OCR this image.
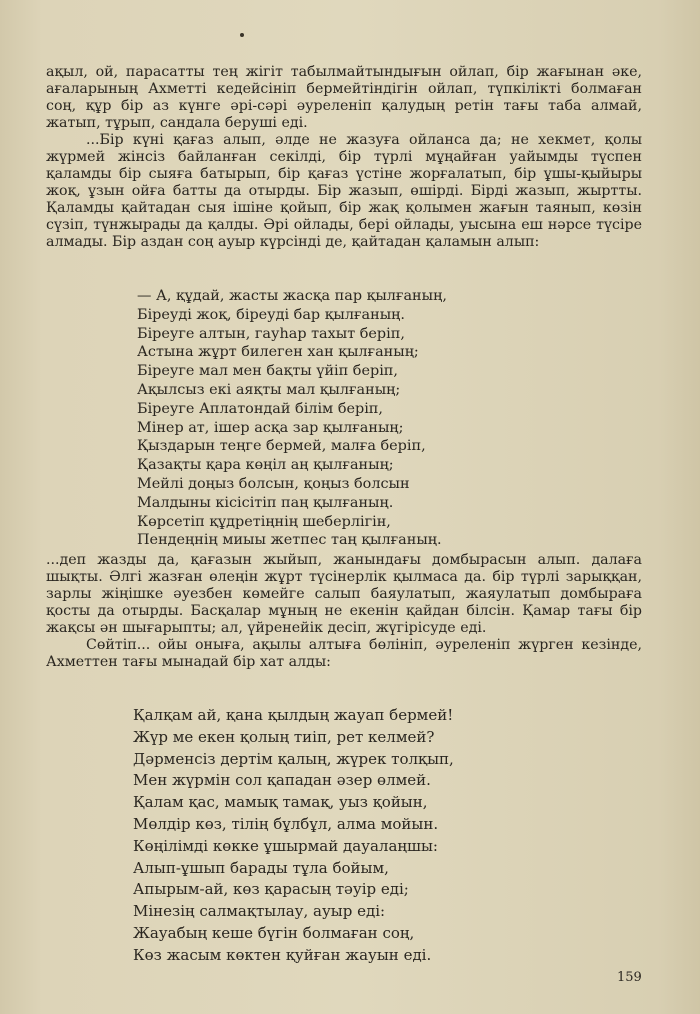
ақыл, ой, парасатты тең жігіт табылмайтындығын ойлап, бір жағынан әке, ағаларының Ахметті кедейсініп бермейтіндігін ойлап, түпкілікті болмаған соң, құр бір аз күнге әрі-сәрі әуреленіп қалудың ретін тағы таба алмай, жатып, тұрып, сандала беруші еді.

...Бір күні қағаз алып, әлде не жазуға ойланса да; не хекмет, қолы жүрмей жінсіз байланған секілді, бір түрлі мұңайған уайымды түспен қаламды бір сыяға батырып, бір қағаз үстіне жорғалатып, бір ұшы-қыйыры жоқ, ұзын ойға батты да отырды. Бір жазып, өшірді. Бірді жазып, жыртты. Қаламды қайтадан сыя ішіне қойып, бір жақ қолымен жағын таянып, көзін сүзіп, түнжырады да қалды. Әрі ойлады, бері ойлады, уысына еш нәрсе түсіре алмады. Бір аздан соң ауыр күрсінді де, қайтадан қаламын алып:

— А, құдай, жасты жасқа пар қылғаның,
Біреуді жоқ, біреуді бар қылғаның.
Біреуге алтын, гауһар тахыт беріп,
Астына жұрт билеген хан қылғаның;
Біреуге мал мен бақты үйіп беріп,
Ақылсыз екі аяқты мал қылғаның;
Біреуге Аплатондай білім беріп,
Мінер ат, ішер асқа зар қылғаның;
Қыздарын теңге бермей, малға беріп,
Қазақты қара көңіл аң қылғаның;
Мейлі доңыз болсын, қоңыз болсын
Малдыны кісісітіп паң қылғаның.
Көрсетіп құдретіңнің шеберлігін,
Пендеңнің миыы жетпес таң қылғаның.

...деп жазды да, қағазын жыйып, жанындағы домбырасын алып. далаға шықты. Әлгі жазған өлеңін жұрт түсінерлік қылмаса да. бір түрлі зарыққан, зарлы жіңішке әуезбен көмейге салып баяулатып, жаяулатып домбыраға қосты да отырды. Басқалар мұның не екенін қайдан білсін. Қамар тағы бір жақсы ән шығарыпты; ал, үйренейік десіп, жүгірісуде еді.

Сөйтіп... ойы оныға, ақылы алтыға бөлініп, әуреленіп жүрген кезінде, Ахметтен тағы мынадай бір хат алды:

Қалқам ай, қана қылдың жауап бермей!
Жүр ме екен қолың тиіп, рет келмей?
Дәрменсіз дертім қалың, жүрек толқып,
Мен жүрмін сол қападан әзер өлмей.
Қалам қас, мамық тамақ, уыз қойын,
Мөлдір көз, тілің бұлбұл, алма мойын.
Көңілімді көкке ұшырмай дауалаңшы:
Алып-ұшып барады тұла бойым,
Апырым-ай, көз қарасың тәуір еді;
Мінезің салмақтылау, ауыр еді:
Жауабың кеше бүгін болмаған соң,
Көз жасым көктен қуйған жауын еді.
159
